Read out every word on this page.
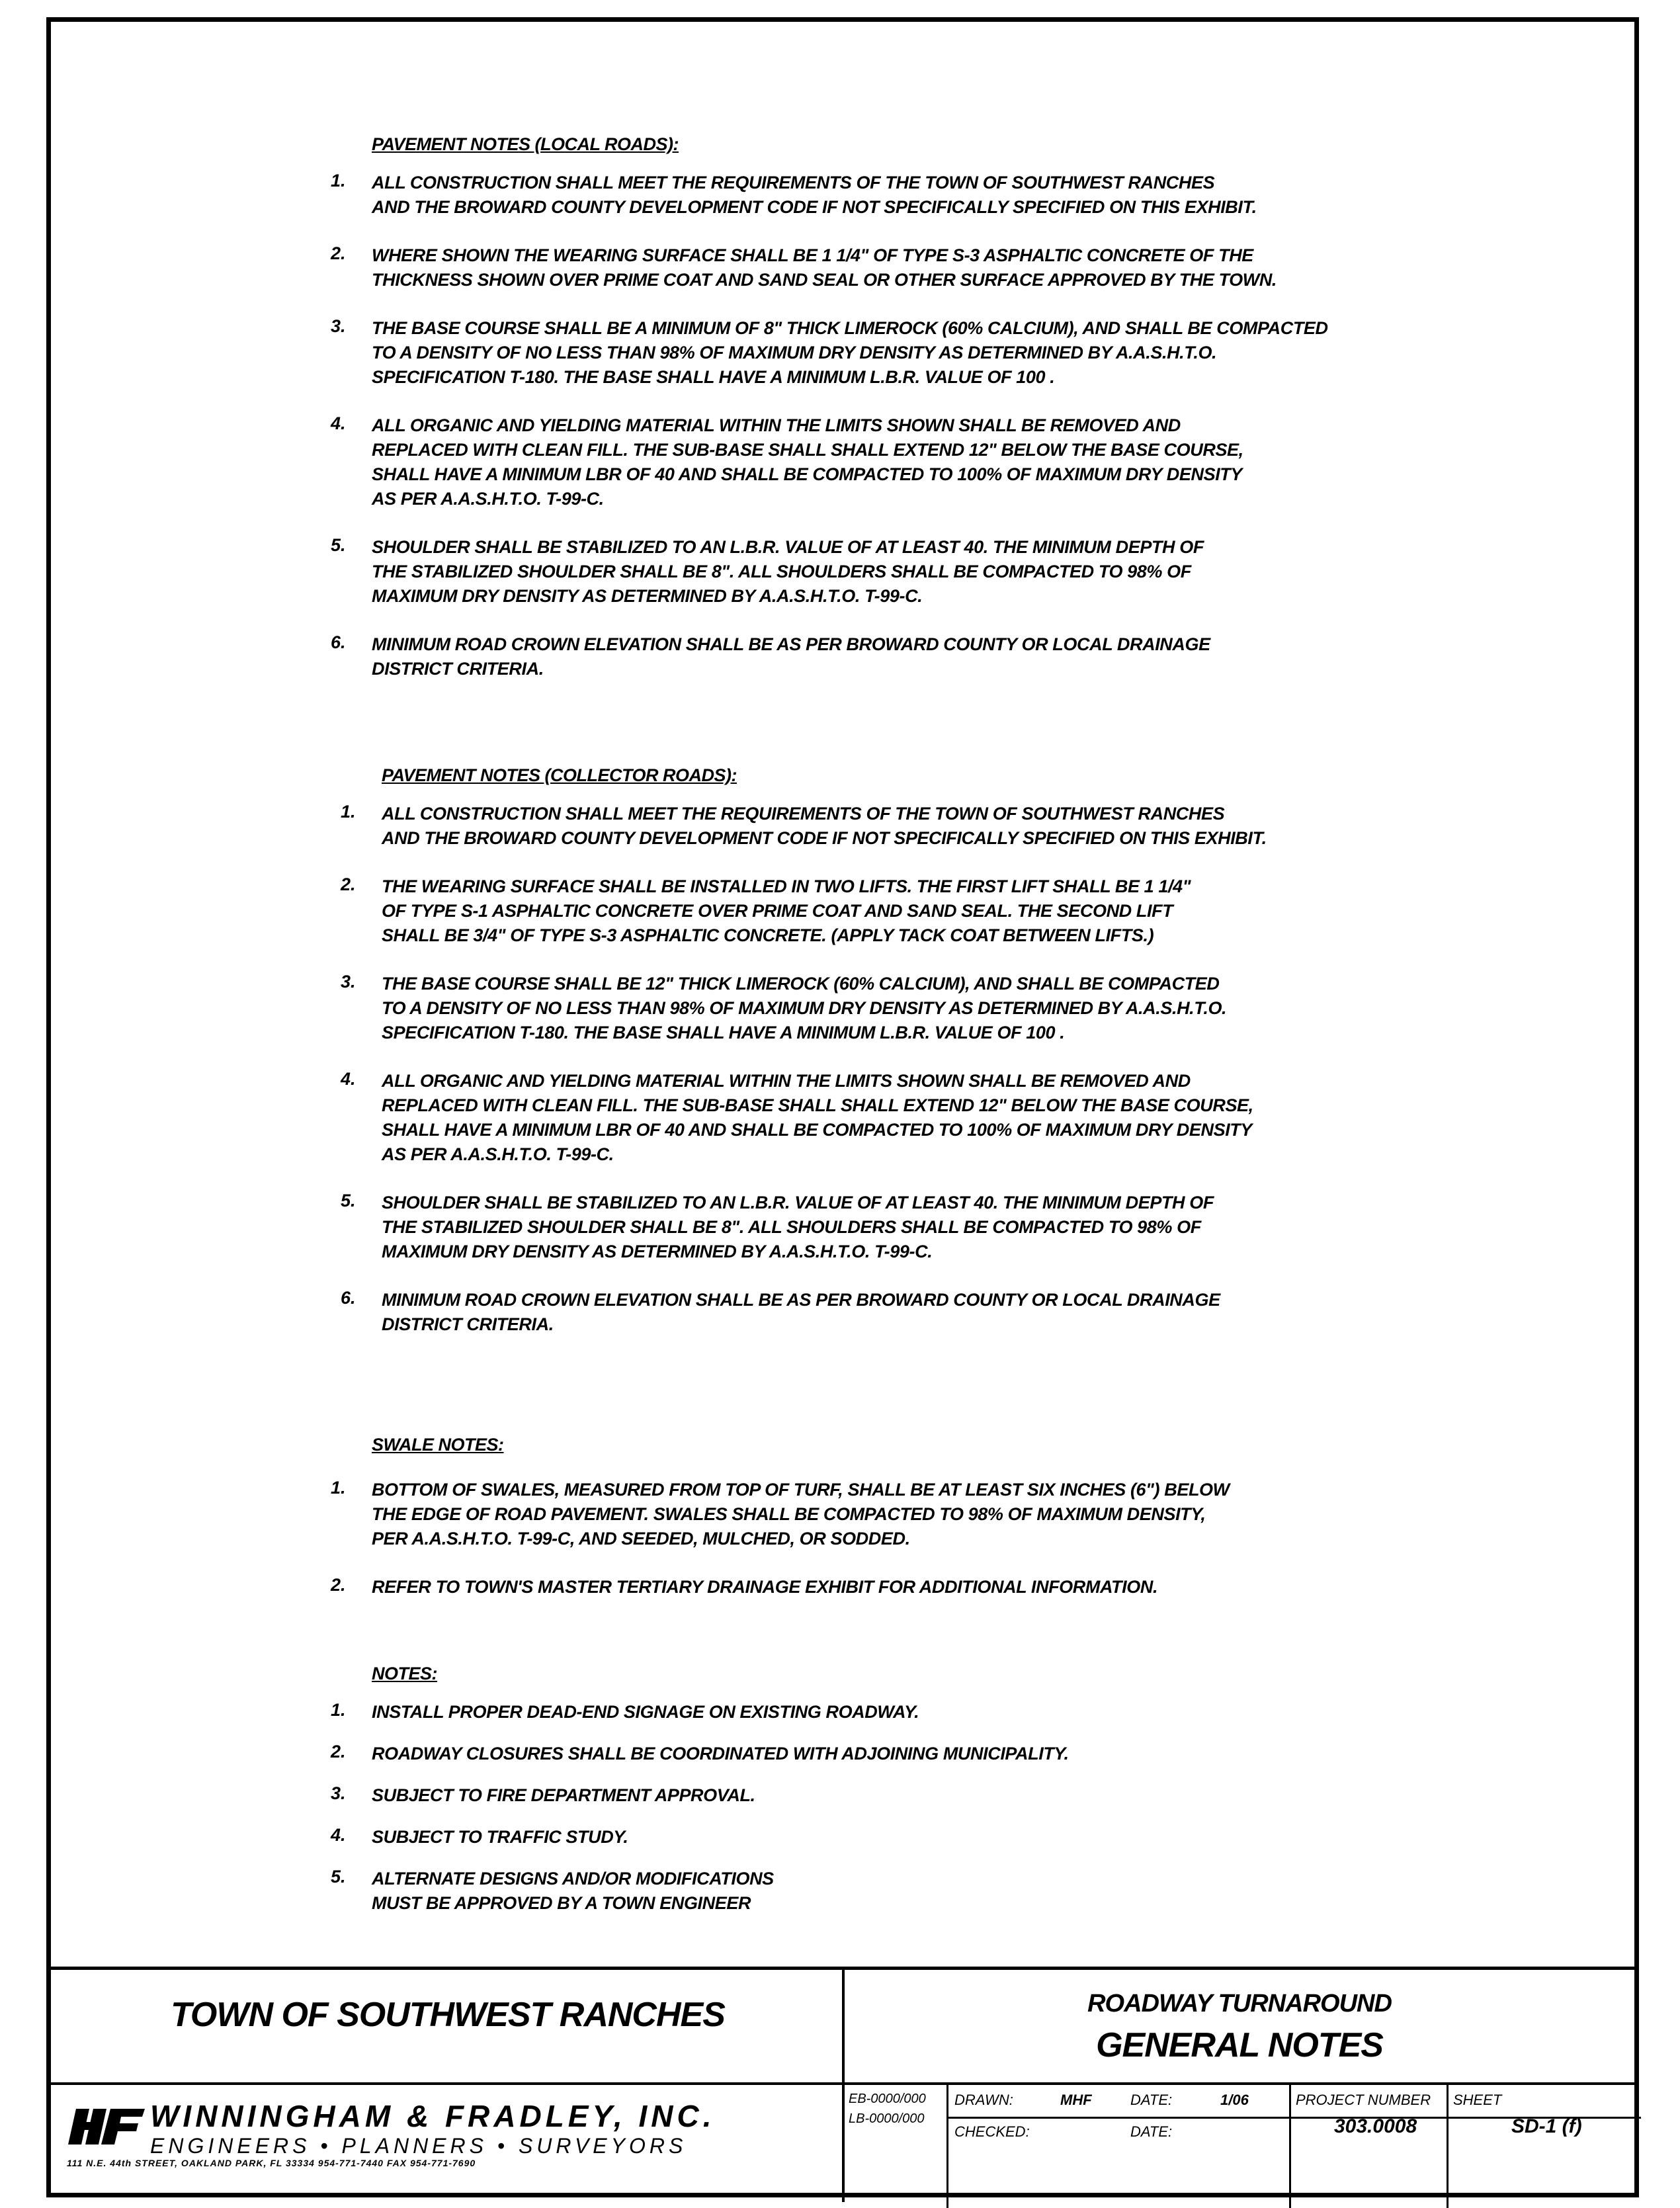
PAVEMENT NOTES (LOCAL ROADS):
1. ALL CONSTRUCTION SHALL MEET THE REQUIREMENTS OF THE TOWN OF SOUTHWEST RANCHES
AND THE BROWARD COUNTY DEVELOPMENT CODE IF NOT SPECIFICALLY SPECIFIED ON THIS EXHIBIT.
2. WHERE SHOWN THE WEARING SURFACE SHALL BE 1 1/4" OF TYPE S-3 ASPHALTIC CONCRETE OF THE
THICKNESS SHOWN OVER PRIME COAT AND SAND SEAL OR OTHER SURFACE APPROVED BY THE TOWN.
3. THE BASE COURSE SHALL BE A MINIMUM OF 8" THICK LIMEROCK (60% CALCIUM), AND SHALL BE COMPACTED
TO A DENSITY OF NO LESS THAN 98% OF MAXIMUM DRY DENSITY AS DETERMINED BY A.A.S.H.T.O.
SPECIFICATION T-180. THE BASE SHALL HAVE A MINIMUM L.B.R. VALUE OF 100 .
4. ALL ORGANIC AND YIELDING MATERIAL WITHIN THE LIMITS SHOWN SHALL BE REMOVED AND
REPLACED WITH CLEAN FILL. THE SUB-BASE SHALL SHALL EXTEND 12" BELOW THE BASE COURSE,
SHALL HAVE A MINIMUM LBR OF 40 AND SHALL BE COMPACTED TO 100% OF MAXIMUM DRY DENSITY
AS PER A.A.S.H.T.O. T-99-C.
5. SHOULDER SHALL BE STABILIZED TO AN L.B.R. VALUE OF AT LEAST 40. THE MINIMUM DEPTH OF
THE STABILIZED SHOULDER SHALL BE 8". ALL SHOULDERS SHALL BE COMPACTED TO 98% OF
MAXIMUM DRY DENSITY AS DETERMINED BY A.A.S.H.T.O. T-99-C.
6. MINIMUM ROAD CROWN ELEVATION SHALL BE AS PER BROWARD COUNTY OR LOCAL DRAINAGE
DISTRICT CRITERIA.
PAVEMENT NOTES (COLLECTOR ROADS):
1. ALL CONSTRUCTION SHALL MEET THE REQUIREMENTS OF THE TOWN OF SOUTHWEST RANCHES
AND THE BROWARD COUNTY DEVELOPMENT CODE IF NOT SPECIFICALLY SPECIFIED ON THIS EXHIBIT.
2. THE WEARING SURFACE SHALL BE INSTALLED IN TWO LIFTS. THE FIRST LIFT SHALL BE 1 1/4"
OF TYPE S-1 ASPHALTIC CONCRETE OVER PRIME COAT AND SAND SEAL. THE SECOND LIFT
SHALL BE 3/4" OF TYPE S-3 ASPHALTIC CONCRETE. (APPLY TACK COAT BETWEEN LIFTS.)
3. THE BASE COURSE SHALL BE 12" THICK LIMEROCK (60% CALCIUM), AND SHALL BE COMPACTED
TO A DENSITY OF NO LESS THAN 98% OF MAXIMUM DRY DENSITY AS DETERMINED BY A.A.S.H.T.O.
SPECIFICATION T-180. THE BASE SHALL HAVE A MINIMUM L.B.R. VALUE OF 100 .
4. ALL ORGANIC AND YIELDING MATERIAL WITHIN THE LIMITS SHOWN SHALL BE REMOVED AND
REPLACED WITH CLEAN FILL. THE SUB-BASE SHALL SHALL EXTEND 12" BELOW THE BASE COURSE,
SHALL HAVE A MINIMUM LBR OF 40 AND SHALL BE COMPACTED TO 100% OF MAXIMUM DRY DENSITY
AS PER A.A.S.H.T.O. T-99-C.
5. SHOULDER SHALL BE STABILIZED TO AN L.B.R. VALUE OF AT LEAST 40. THE MINIMUM DEPTH OF
THE STABILIZED SHOULDER SHALL BE 8". ALL SHOULDERS SHALL BE COMPACTED TO 98% OF
MAXIMUM DRY DENSITY AS DETERMINED BY A.A.S.H.T.O. T-99-C.
6. MINIMUM ROAD CROWN ELEVATION SHALL BE AS PER BROWARD COUNTY OR LOCAL DRAINAGE
DISTRICT CRITERIA.
SWALE NOTES:
1. BOTTOM OF SWALES, MEASURED FROM TOP OF TURF, SHALL BE AT LEAST SIX INCHES (6") BELOW
THE EDGE OF ROAD PAVEMENT. SWALES SHALL BE COMPACTED TO 98% OF MAXIMUM DENSITY,
PER A.A.S.H.T.O. T-99-C, AND SEEDED, MULCHED, OR SODDED.
2. REFER TO TOWN'S MASTER TERTIARY DRAINAGE EXHIBIT FOR ADDITIONAL INFORMATION.
NOTES:
1. INSTALL PROPER DEAD-END SIGNAGE ON EXISTING ROADWAY.
2. ROADWAY CLOSURES SHALL BE COORDINATED WITH ADJOINING MUNICIPALITY.
3. SUBJECT TO FIRE DEPARTMENT APPROVAL.
4. SUBJECT TO TRAFFIC STUDY.
5. ALTERNATE DESIGNS AND/OR MODIFICATIONS
MUST BE APPROVED BY A TOWN ENGINEER
TOWN OF SOUTHWEST RANCHES
WINNINGHAM & FRADLEY, INC.
ENGINEERS • PLANNERS • SURVEYORS
111 N.E. 44th STREET, OAKLAND PARK, FL 33334 954-771-7440 FAX 954-771-7690
ROADWAY TURNAROUND
GENERAL NOTES
EB-0000/000
LB-0000/000
DRAWN:	MHF	DATE:	1/06
CHECKED:	DATE:
PROJECT NUMBER
303.0008
SHEET
SD-1 (f)
